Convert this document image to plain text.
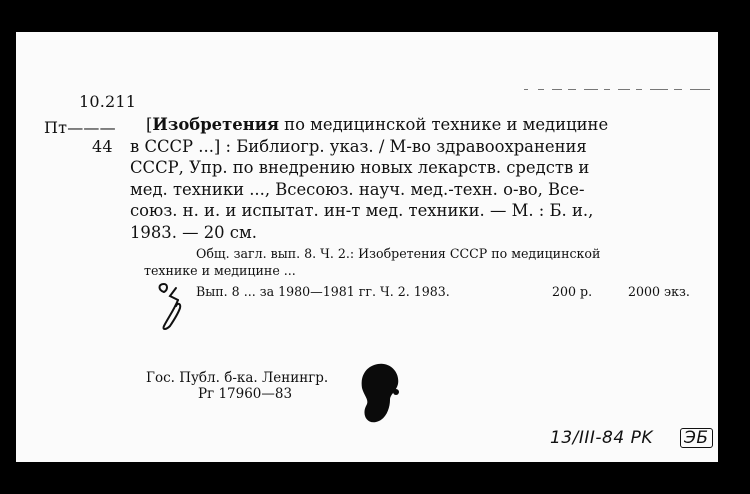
10.211
Пт———
44
[Изобретения по медицинской технике и медицине
в СССР ...] : Библиогр. указ. / М-во здравоохранения
СССР, Упр. по внедрению новых лекарств. средств и
мед. техники ..., Всесоюз. науч. мед.-техн. о-во, Все-
союз. н. и. и испытат. ин-т мед. техники. — М. : Б. и.,
1983. — 20 см.
Общ. загл. вып. 8. Ч. 2.: Изобретения СССР по медицинской
технике и медицине ...
Вып. 8 ... за 1980—1981 гг. Ч. 2. 1983.	200 р.	2000 экз.
Гос. Публ. б-ка. Ленингр.
Рг 17960—83
13/III-84 PK ЭБ
